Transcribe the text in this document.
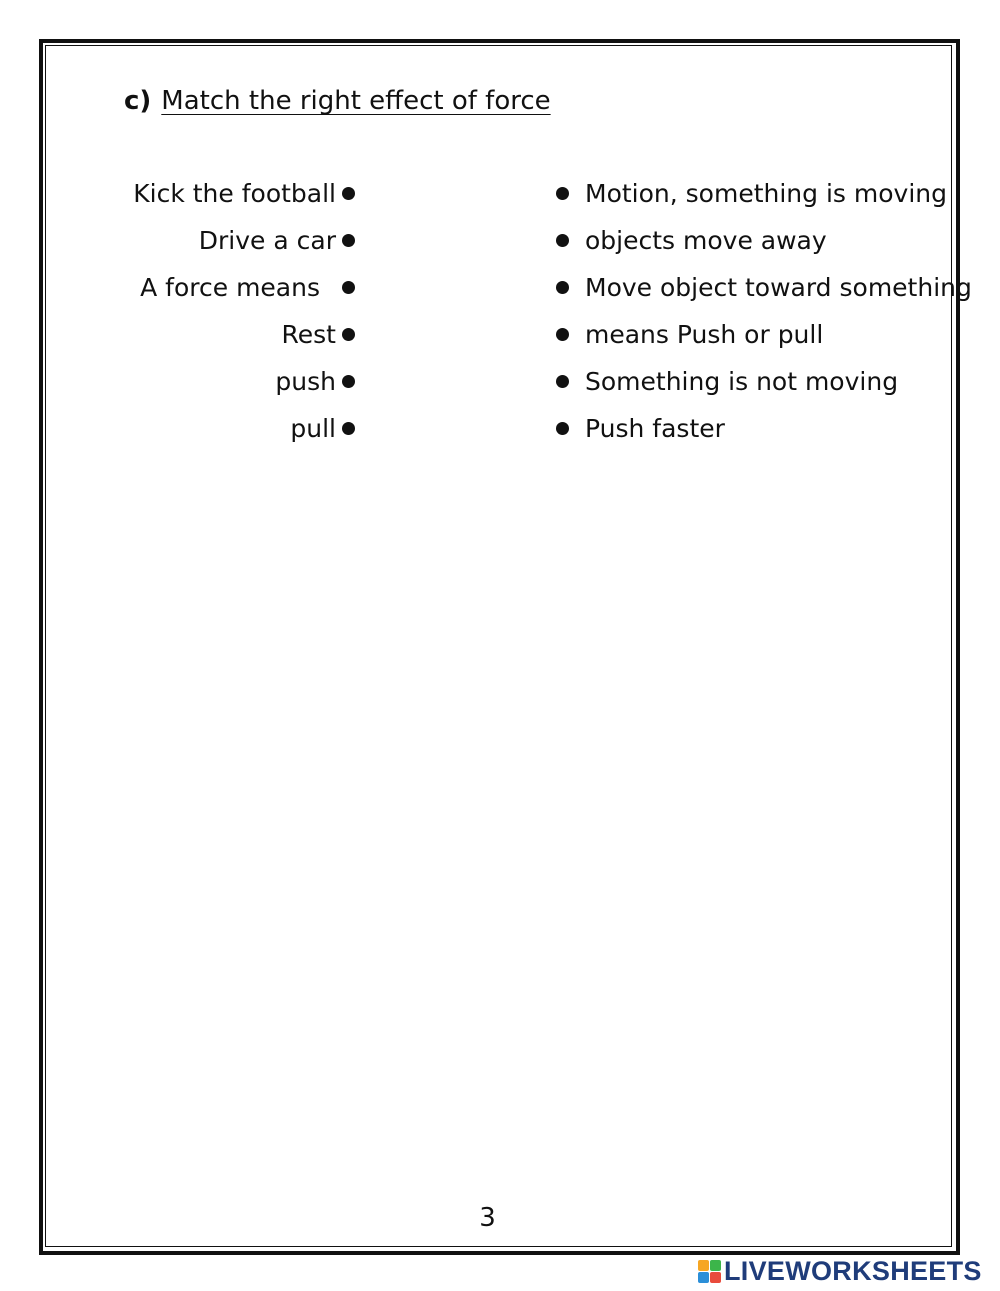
c) Match the right effect of force
Kick the football
Drive a car
A force means
Rest
push
pull
Motion, something is moving
objects move away
Move object toward something
means Push or pull
Something is not moving
Push faster
3
LIVEWORKSHEETS
